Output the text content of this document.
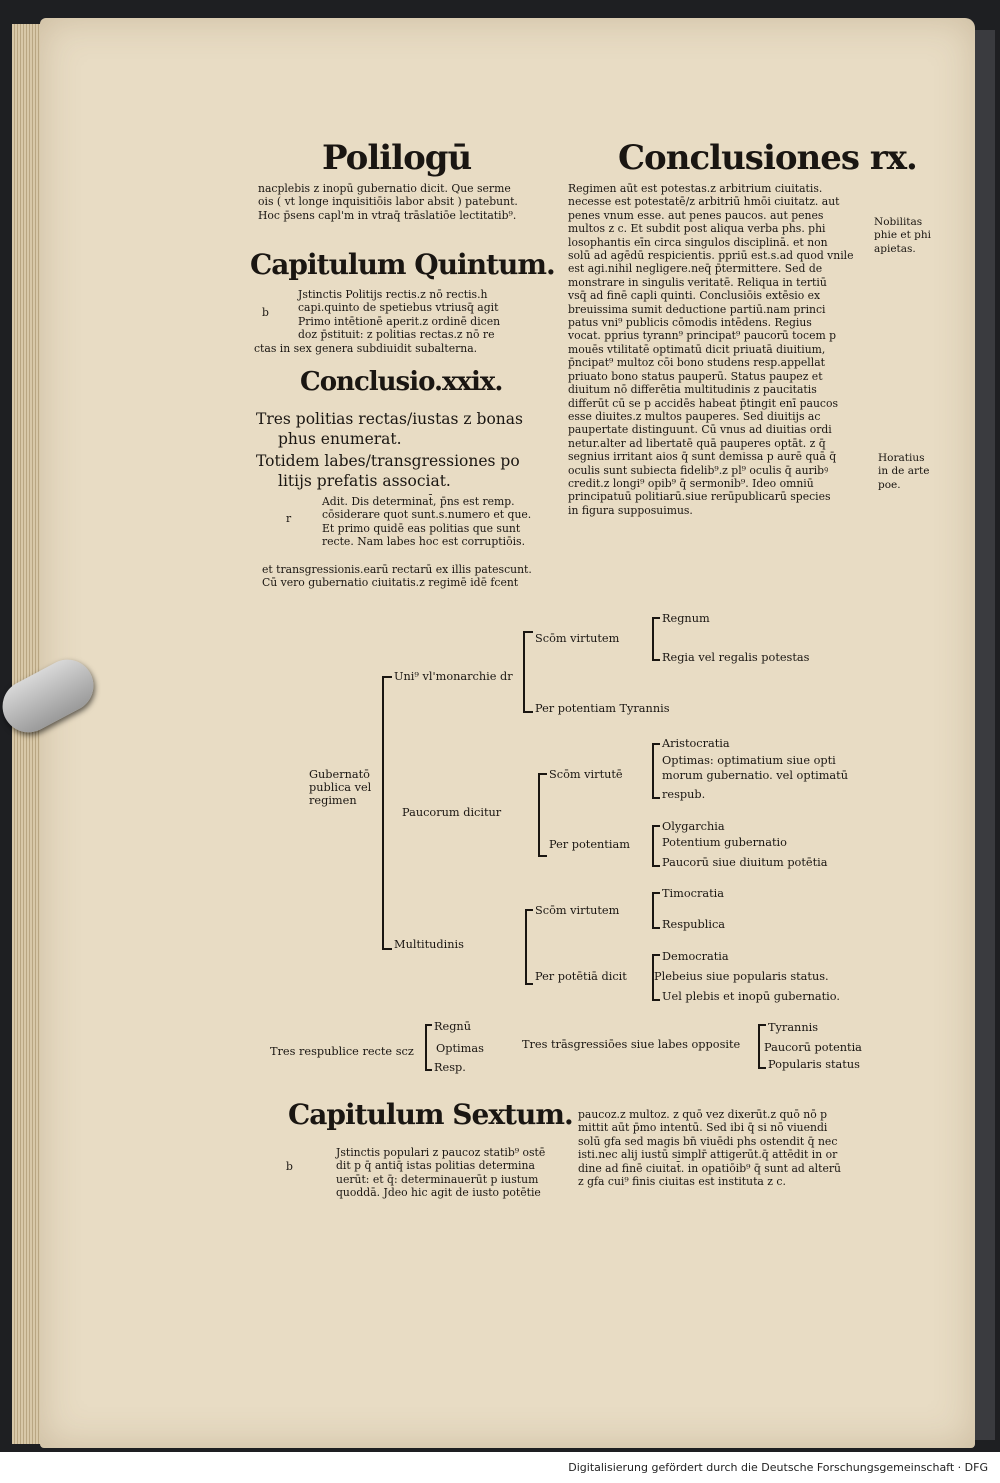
Polilogū	Conclusiones rx.
nacplebis z inopū gubernatio dicit. Que serme
ois ( vt longe inquisitiōis labor absit ) patebunt.
Hoc p̄sens capl'm in vtraq̄ trāslatiōe lectitatib⁹.
Capitulum Quintum.
b
Jstinctis Politijs rectis.z nō rectis.h
capi.quinto de spetiebus vtriusq̄ agit
Primo intētionē aperit.z ordinē dicen
doz p̄stituit: z politias rectas.z nō re
ctas in sex genera subdiuidit subalterna.
Conclusio.xxix.
Tres politias rectas/iustas z bonas
phus enumerat.
Totidem labes/transgressiones po
litijs prefatis associat.
r
Adit. Dis determinat̄, p̄ns est remp.
cōsiderare quot sunt.s.numero et que.
Et primo quidē eas politias que sunt
recte. Nam labes hoc est corruptiōis.
et transgressionis.earū rectarū ex illis patescunt.
Cū vero gubernatio ciuitatis.z regimē idē fcent
Regimen aūt est potestas.z arbitrium ciuitatis.
necesse est potestatē/z arbitriū hmōi ciuitatz. aut
penes vnum esse. aut penes paucos. aut penes
multos z c. Et subdit post aliqua verba phs. phi
losophantis eīn circa singulos disciplinā. et non
solū ad agēdū respicientis. ppriū est.s.ad quod vnile
est agi.nihil negligere.neq̄ p̄termittere. Sed de
monstrare in singulis veritatē. Reliqua in tertiū
vsq̄ ad finē capli quinti. Conclusiōis extēsio ex
breuissima sumit deductione partiū.nam princi
patus vni⁹ publicis cōmodis intēdens. Regius
vocat. pprius tyrann⁹ principat⁹ paucorū tocem p
mouēs vtilitatē optimatū dicit priuatā diuitium,
p̄ncipat⁹ multoz cōi bono studens resp.appellat
priuato bono status pauperū. Status paupez et
diuitum nō differētia multitudinis z paucitatis
differūt cū se p accidēs habeat p̄tingit enī paucos
esse diuites.z multos pauperes. Sed diuitijs ac
paupertate distinguunt. Cū vnus ad diuitias ordi
netur.alter ad libertatē quā pauperes optāt. z q̄
segnius irritant aios q̄ sunt demissa p aurē quā q̄
oculis sunt subiecta fidelib⁹.z pl⁹ oculis q̄ auribꝰ
credit.z longi⁹ opib⁹ q̄ sermonib⁹. Ideo omniū
principatuū politiarū.siue rerūpublicarū species
in figura supposuimus.
Nobilitas
phie et phi
apietas.
Horatius
in de arte
poe.
Gubernatō
publica vel
regimen
Uni⁹ vl'monarchie dr
Paucorum dicitur
Multitudinis
Scōm virtutem
Regnum
Regia vel regalis potestas
Per potentiam Tyrannis
Scōm virtutē
Aristocratia
Optimas: optimatium siue opti
morum gubernatio. vel optimatū
respub.
Per potentiam
Olygarchia
Potentium gubernatio
Paucorū siue diuitum potētia
Scōm virtutem
Timocratia
Respublica
Per potētiā dicit
Democratia
Plebeius siue popularis status.
Uel plebis et inopū gubernatio.
Tres respublice recte scz
Regnū
Optimas
Resp.
Tres trāsgressiōes siue labes opposite
Tyrannis
Paucorū potentia
Popularis status
Capitulum Sextum.
b
Jstinctis populari z paucoz statib⁹ ostē
dit p q̄ antiq̄ istas politias determina
uerūt: et q̄: determinauerūt p iustum
quoddā. Jdeo hic agit de iusto potētie
paucoz.z multoz. z quō vez dixerūt.z quō nō p
mittit aūt p̄mo intentū. Sed ibi q̄ si nō viuendi
solū gfa sed magis bn̄ viuēdi phs ostendit q̄ nec
isti.nec alij iustū simplr̄ attigerūt.q̄ attēdit in or
dine ad finē ciuitat̄. in opatiōib⁹ q̄ sunt ad alterū
z gfa cui⁹ finis ciuitas est instituta z c.
Digitalisierung gefördert durch die Deutsche Forschungsgemeinschaft · DFG
